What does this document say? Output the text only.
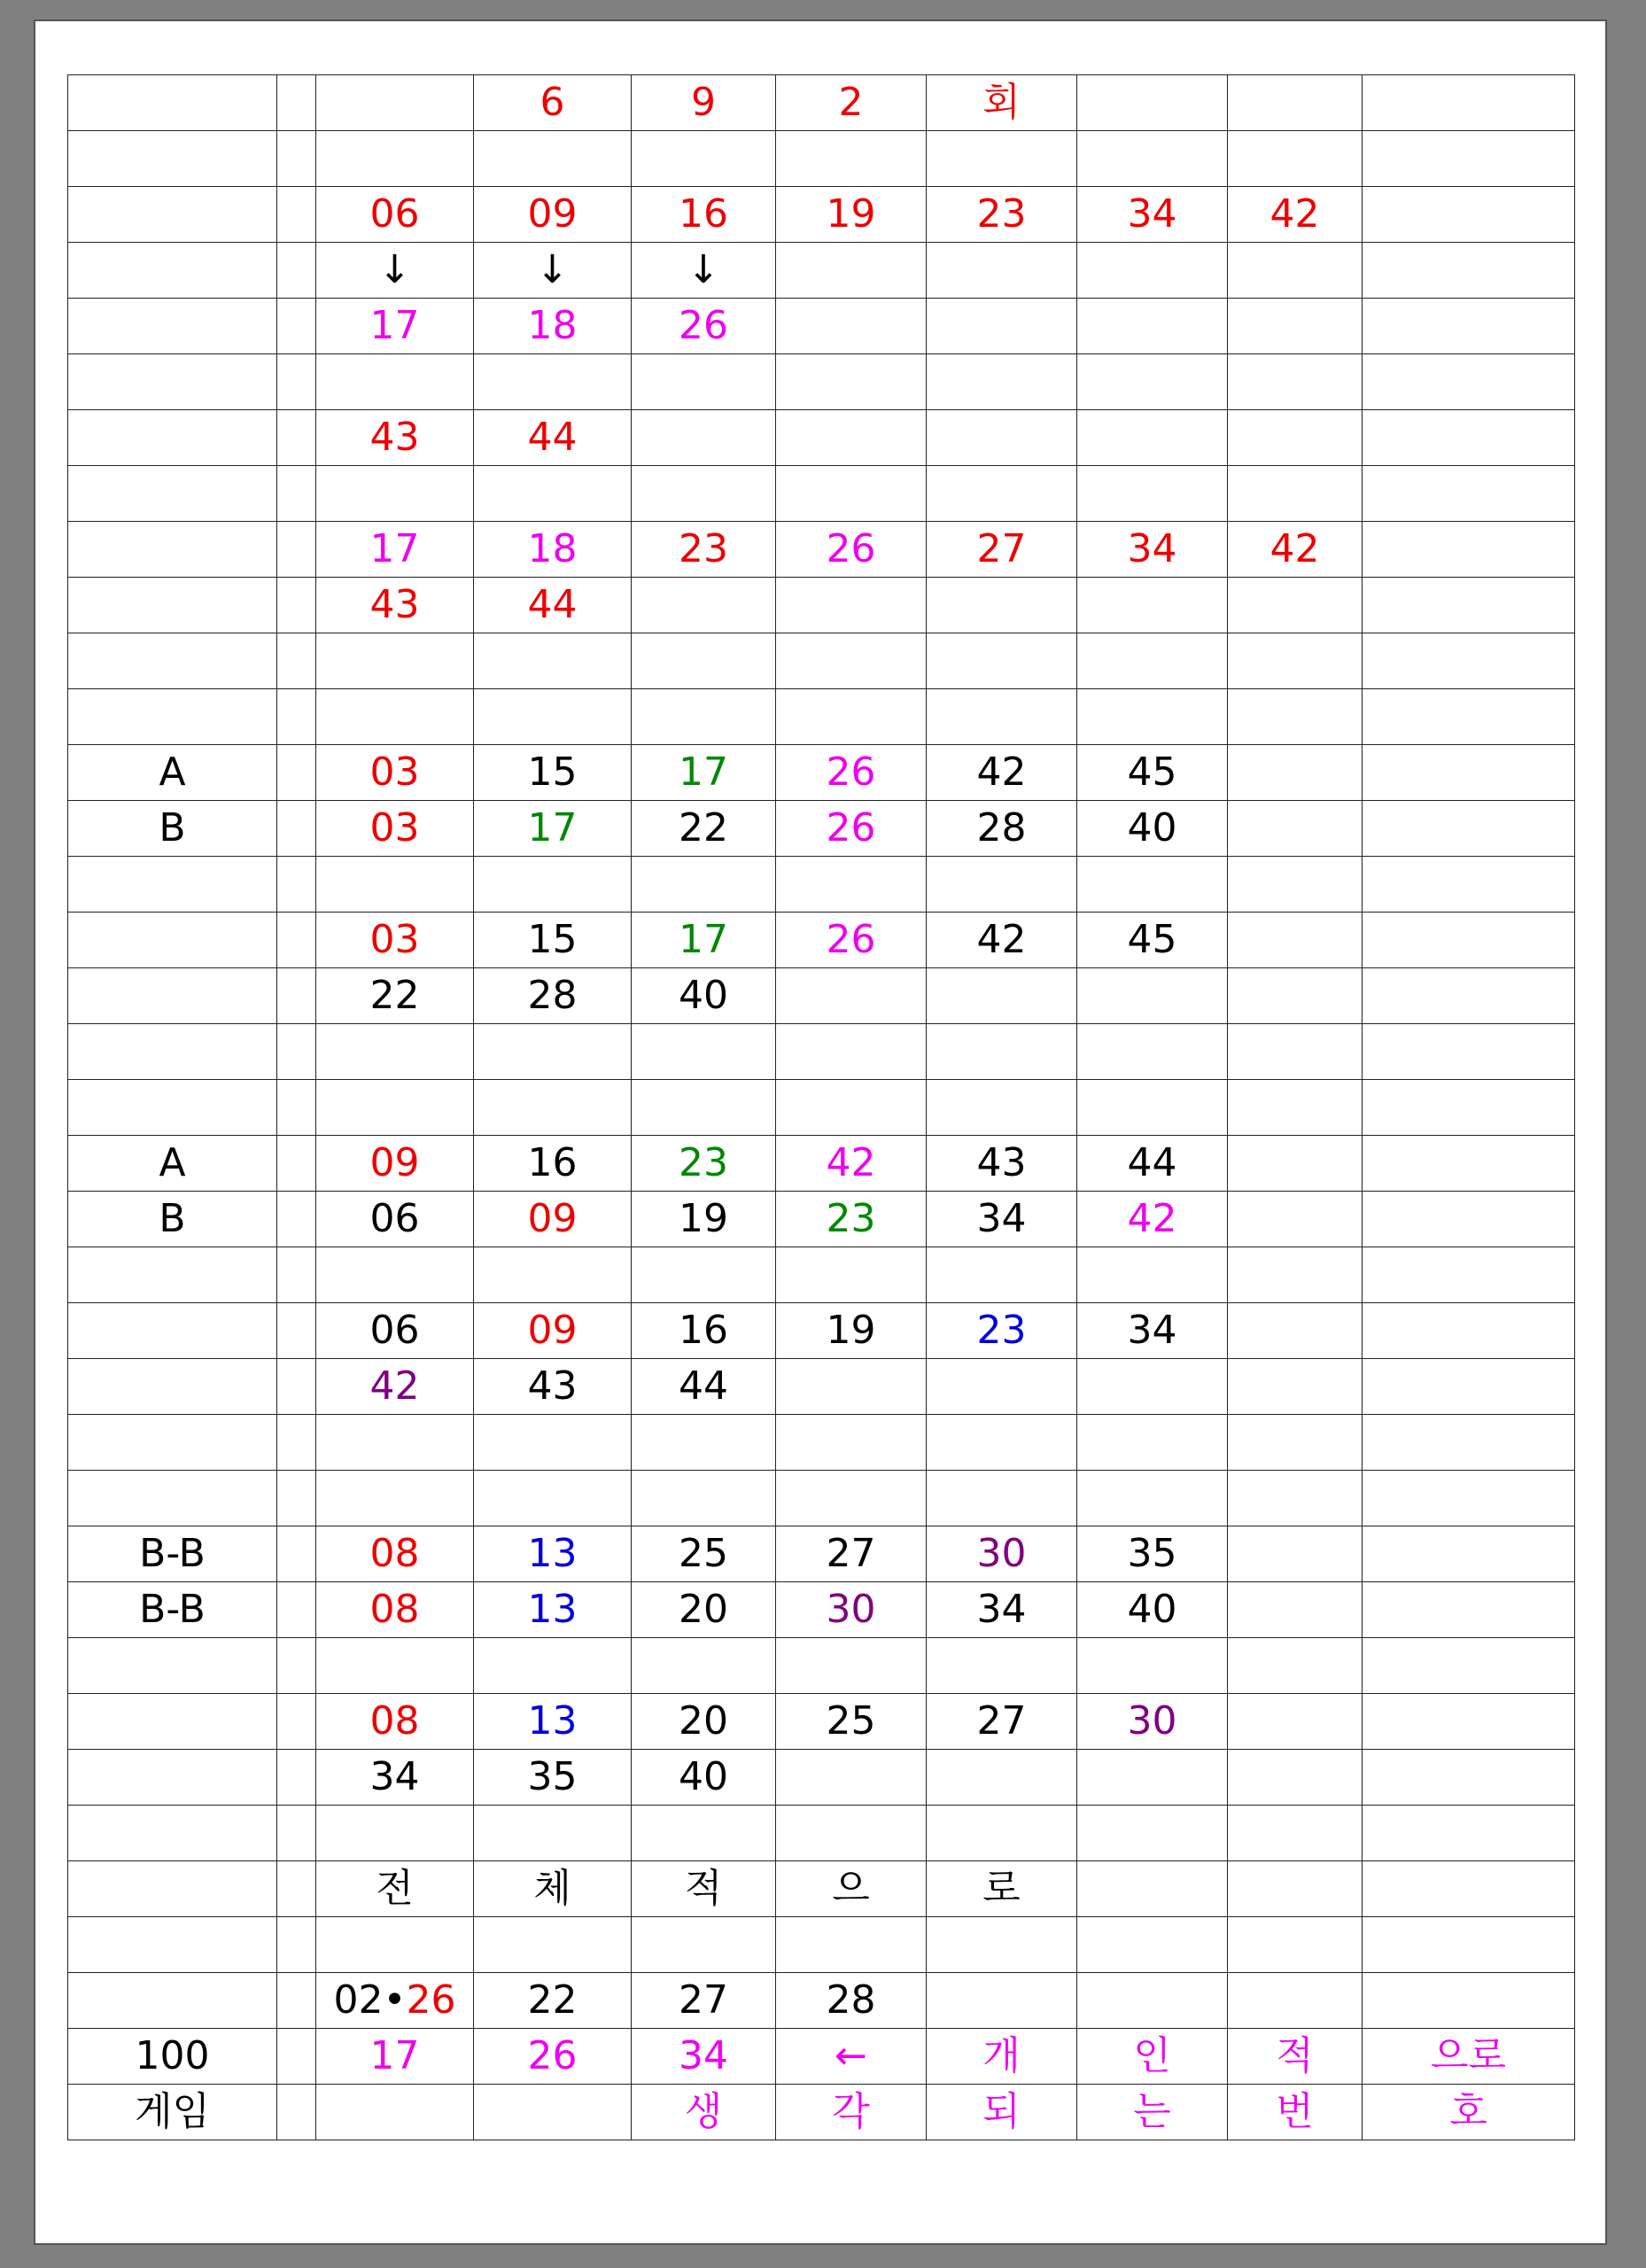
			6	9	2	회			

		06	09	16	19	23	34	42	
		↓	↓	↓					
		17	18	26					

		43	44						

		17	18	23	26	27	34	42	
		43	44						

A		03	15	17	26	42	45		
B		03	17	22	26	28	40		

		03	15	17	26	42	45		
		22	28	40					

A		09	16	23	42	43	44		
B		06	09	19	23	34	42		

		06	09	16	19	23	34		
		42	43	44					

B-B		08	13	25	27	30	35		
B-B		08	13	20	30	34	40		

		08	13	20	25	27	30		
		34	35	40					

		전	체	적	으	로			

		02•26	22	27	28				
100		17	26	34	←	개	인	적	으로
게임				생	각	되	는	번	호
